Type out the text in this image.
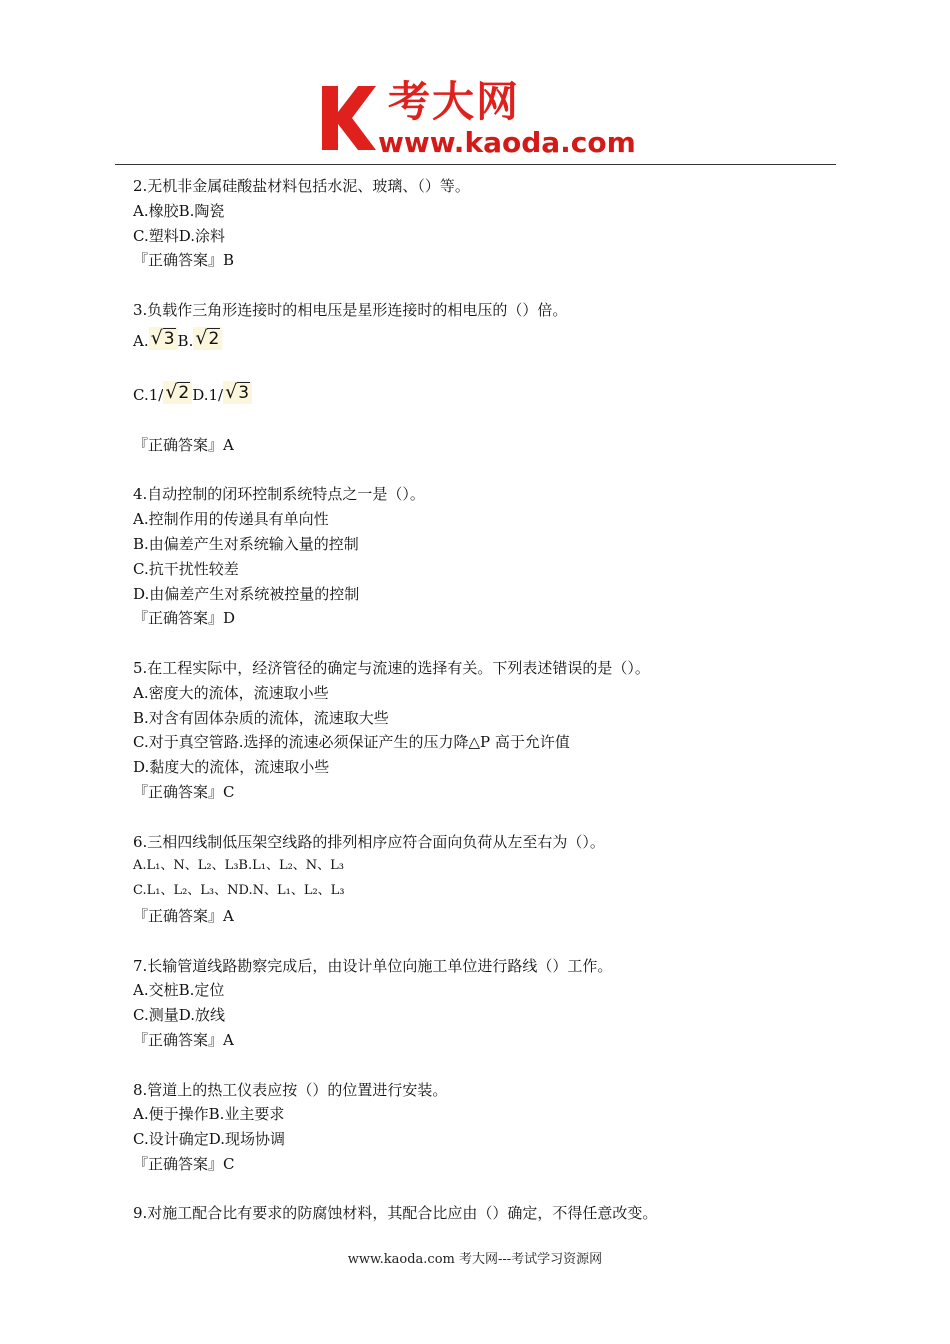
考大网
www.kaoda.com
2.无机非金属硅酸盐材料包括水泥、玻璃、（）等。
A.橡胶B.陶瓷
C.塑料D.涂料
『正确答案』B
3.负载作三角形连接时的相电压是星形连接时的相电压的（）倍。
A. √3 B. √2
C.1/ √2 D.1/ √3
『正确答案』A
4.自动控制的闭环控制系统特点之一是（）。
A.控制作用的传递具有单向性
B.由偏差产生对系统输入量的控制
C.抗干扰性较差
D.由偏差产生对系统被控量的控制
『正确答案』D
5.在工程实际中，经济管径的确定与流速的选择有关。下列表述错误的是（）。
A.密度大的流体，流速取小些
B.对含有固体杂质的流体，流速取大些
C.对于真空管路.选择的流速必须保证产生的压力降△P 高于允许值
D.黏度大的流体，流速取小些
『正确答案』C
6.三相四线制低压架空线路的排列相序应符合面向负荷从左至右为（）。
A.L₁、N、L₂、L₃B.L₁、L₂、N、L₃
C.L₁、L₂、L₃、ND.N、L₁、L₂、L₃
『正确答案』A
7.长输管道线路勘察完成后，由设计单位向施工单位进行路线（）工作。
A.交桩B.定位
C.测量D.放线
『正确答案』A
8.管道上的热工仪表应按（）的位置进行安装。
A.便于操作B.业主要求
C.设计确定D.现场协调
『正确答案』C
9.对施工配合比有要求的防腐蚀材料，其配合比应由（）确定，不得任意改变。
www.kaoda.com 考大网---考试学习资源网
